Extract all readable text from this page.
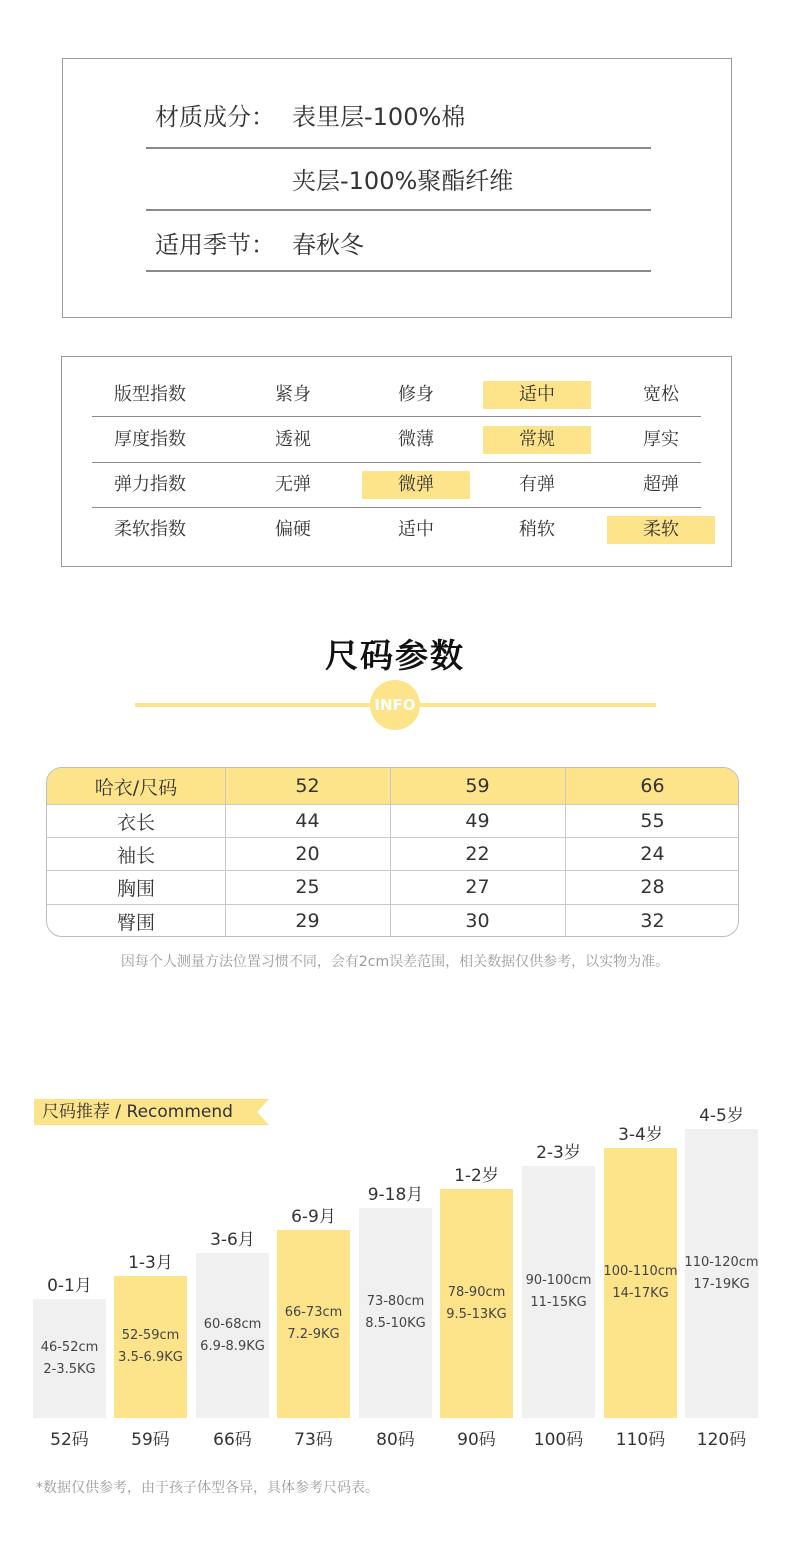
材质成分： 表里层-100%棉
夹层-100%聚酯纤维
适用季节： 春秋冬
版型指数	紧身	修身	适中	宽松
厚度指数	透视	微薄	常规	厚实
弹力指数	无弹	微弹	有弹	超弹
柔软指数	偏硬	适中	稍软	柔软
尺码参数
INFO
哈衣/尺码	52	59	66
衣长	44	49	55
袖长	20	22	24
胸围	25	27	28
臀围	29	30	32
因每个人测量方法位置习惯不同，会有2cm误差范围，相关数据仅供参考，以实物为准。
尺码推荐 / Recommend
0-1月
46-52cm
2-3.5KG
52码
1-3月
52-59cm
3.5-6.9KG
59码
3-6月
60-68cm
6.9-8.9KG
66码
6-9月
66-73cm
7.2-9KG
73码
9-18月
73-80cm
8.5-10KG
80码
1-2岁
78-90cm
9.5-13KG
90码
2-3岁
90-100cm
11-15KG
100码
3-4岁
100-110cm
14-17KG
110码
4-5岁
110-120cm
17-19KG
120码
*数据仅供参考，由于孩子体型各异，具体参考尺码表。
